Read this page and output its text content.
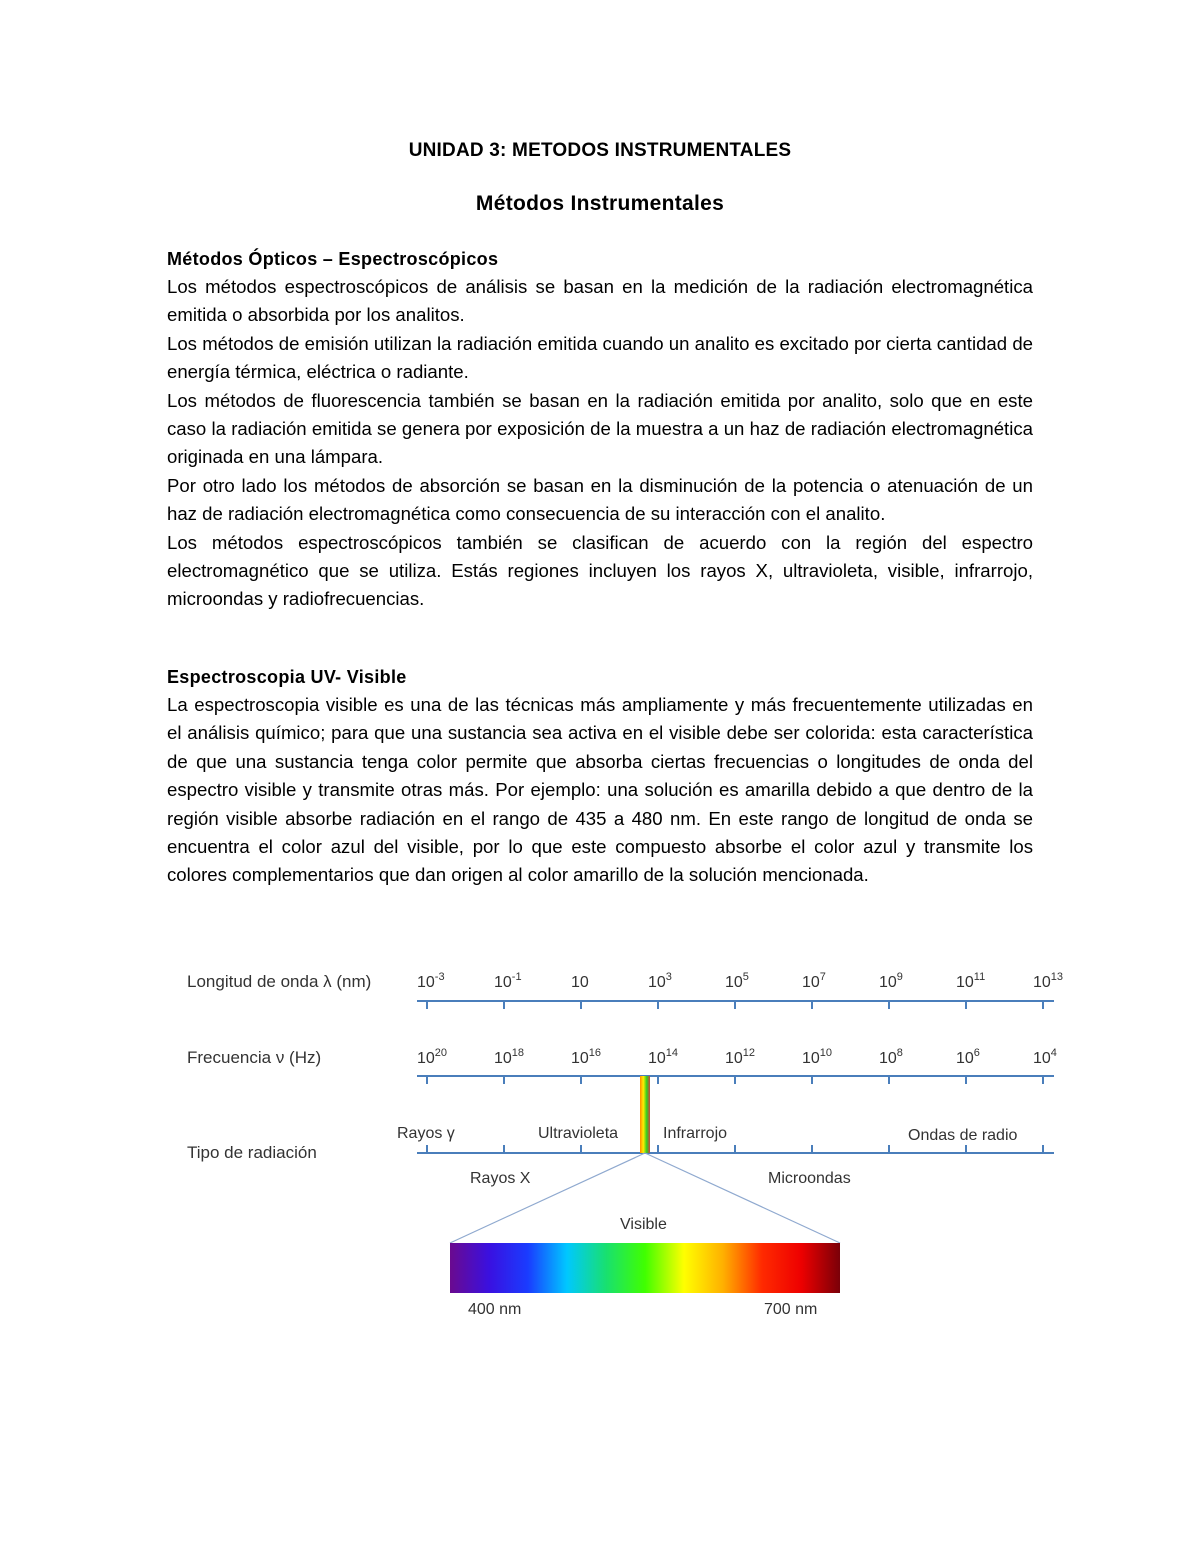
UNIDAD 3: METODOS INSTRUMENTALES
Métodos Instrumentales
Métodos Ópticos – Espectroscópicos

Los métodos espectroscópicos de análisis se basan en la medición de la radiación electromagnética emitida o absorbida por los analitos.

Los métodos de emisión utilizan la radiación emitida cuando un analito es excitado por cierta cantidad de energía térmica, eléctrica o radiante.

Los métodos de fluorescencia también se basan en la radiación emitida por analito, solo que en este caso la radiación emitida se genera por exposición de la muestra a un haz de radiación electromagnética originada en una lámpara.

Por otro lado los métodos de absorción se basan en la disminución de la potencia o atenuación de un haz de radiación electromagnética como consecuencia de su interacción con el analito.

Los métodos espectroscópicos también se clasifican de acuerdo con la región del espectro electromagnético que se utiliza. Estás regiones incluyen los rayos X, ultravioleta, visible, infrarrojo, microondas y radiofrecuencias.

Espectroscopia UV- Visible

La espectroscopia visible es una de las técnicas más ampliamente y más frecuentemente utilizadas en el análisis químico; para que una sustancia sea activa en el visible debe ser colorida: esta característica de que una sustancia tenga color permite que absorba ciertas frecuencias o longitudes de onda del espectro visible y transmite otras más. Por ejemplo: una solución es amarilla debido a que dentro de la región visible absorbe radiación en el rango de 435 a 480 nm. En este rango de longitud de onda se encuentra el color azul del visible, por lo que este compuesto absorbe el color azul y transmite los colores complementarios que dan origen al color amarillo de la solución mencionada.

Longitud de onda λ (nm)
Frecuencia ν (Hz)
Tipo de radiación
$10^{-3}$	$10^{-1}$	10	$10^3$	$10^5$	$10^7$	$10^9$	$10^{11}$	$10^{13}$
$10^{20}$	$10^{18}$	$10^{16}$	$10^{14}$	$10^{12}$	$10^{10}$	$10^8$	$10^6$	$10^4$
Rayos γ	Ultravioleta	Infrarrojo	Ondas de radio
Rayos X	Microondas
Visible
400 nm	700 nm
